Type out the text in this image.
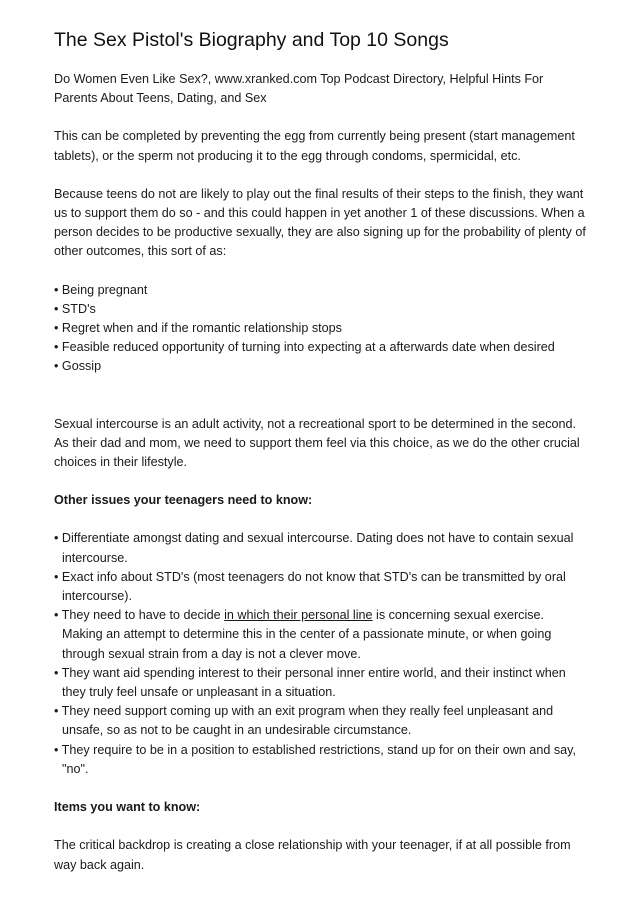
The Sex Pistol's Biography and Top 10 Songs

Do Women Even Like Sex?, www.xranked.com Top Podcast Directory, Helpful Hints For Parents About Teens, Dating, and Sex

This can be completed by preventing the egg from currently being present (start management tablets), or the sperm not producing it to the egg through condoms, spermicidal, etc.

Because teens do not are likely to play out the final results of their steps to the finish, they want us to support them do so - and this could happen in yet another 1 of these discussions. When a person decides to be productive sexually, they are also signing up for the probability of plenty of other outcomes, this sort of as:

• Being pregnant
• STD's
• Regret when and if the romantic relationship stops
• Feasible reduced opportunity of turning into expecting at a afterwards date when desired
• Gossip

Sexual intercourse is an adult activity, not a recreational sport to be determined in the second. As their dad and mom, we need to support them feel via this choice, as we do the other crucial choices in their lifestyle.

Other issues your teenagers need to know:

• Differentiate amongst dating and sexual intercourse. Dating does not have to contain sexual intercourse.
• Exact info about STD's (most teenagers do not know that STD's can be transmitted by oral intercourse).
• They need to have to decide in which their personal line is concerning sexual exercise. Making an attempt to determine this in the center of a passionate minute, or when going through sexual strain from a day is not a clever move.
• They want aid spending interest to their personal inner entire world, and their instinct when they truly feel unsafe or unpleasant in a situation.
• They need support coming up with an exit program when they really feel unpleasant and unsafe, so as not to be caught in an undesirable circumstance.
• They require to be in a position to established restrictions, stand up for on their own and say, "no".

Items you want to know:

The critical backdrop is creating a close relationship with your teenager, if at all possible from way back again.
